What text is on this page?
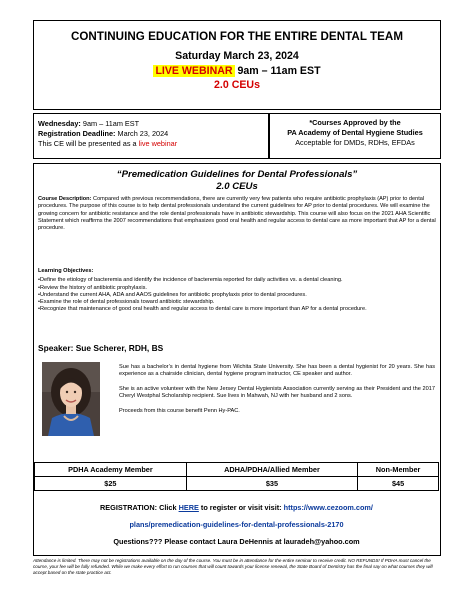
CONTINUING EDUCATION FOR THE ENTIRE DENTAL TEAM
Saturday March 23, 2024
LIVE WEBINAR 9am – 11am EST
2.0 CEUs
Wednesday: 9am – 11am EST
Registration Deadline: March 23, 2024
This CE will be presented as a live webinar
*Courses Approved by the
PA Academy of Dental Hygiene Studies
Acceptable for DMDs, RDHs, EFDAs
“Premedication Guidelines for Dental Professionals”
2.0 CEUs
Course Description: Compared with previous recommendations, there are currently very few patients who require antibiotic prophylaxis (AP) prior to dental procedures. The purpose of this course is to help dental professionals understand the current guidelines for AP prior to dental procedures. We will examine the growing concern for antibiotic resistance and the role dental professionals have in antibiotic stewardship. This course will also focus on the 2021 AHA Scientific Statement which reaffirms the 2007 recommendations that emphasizes good oral health and regular access to dental care as more important that AP for a dental procedure.
Learning Objectives:
• Define the etiology of bacteremia and identify the incidence of bacteremia reported for daily activities vs. a dental cleaning.
• Review the history of antibiotic prophylaxis.
• Understand the current AHA, ADA and AAOS guidelines for antibiotic prophylaxis prior to dental procedures.
• Examine the role of dental professionals toward antibiotic stewardship.
• Recognize that maintenance of good oral health and regular access to dental care is more important than AP for a dental procedure.
Speaker: Sue Scherer, RDH, BS

Sue has a bachelor’s in dental hygiene from Wichita State University. She has been a dental hygienist for 20 years. She has experience as a chairside clinician, dental hygiene program instructor, CE speaker and author.

She is an active volunteer with the New Jersey Dental Hygienists Association currently serving as their President and the 2017 Cheryl Westphal Scholarship recipient. Sue lives in Mahwah, NJ with her husband and 2 sons.

Proceeds from this course benefit Penn Hy-PAC.

PDHA Academy Member	ADHA/PDHA/Allied Member	Non-Member
$25	$35	$45
REGISTRATION: Click HERE to register or visit visit: https://www.cezoom.com/
plans/premedication-guidelines-for-dental-professionals-2170
Questions??? Please contact Laura DeHennis at lauradeh@yahoo.com
Attendance is limited. There may not be registrations available on the day of the course. You must be in attendance for the entire seminar to receive credit. NO REFUNDS! If PDHA must cancel the course, your fee will be fully refunded. While we make every effort to run courses that will count towards your license renewal, the State Board of Dentistry has the final say on what courses they will accept based on the state practice act.
